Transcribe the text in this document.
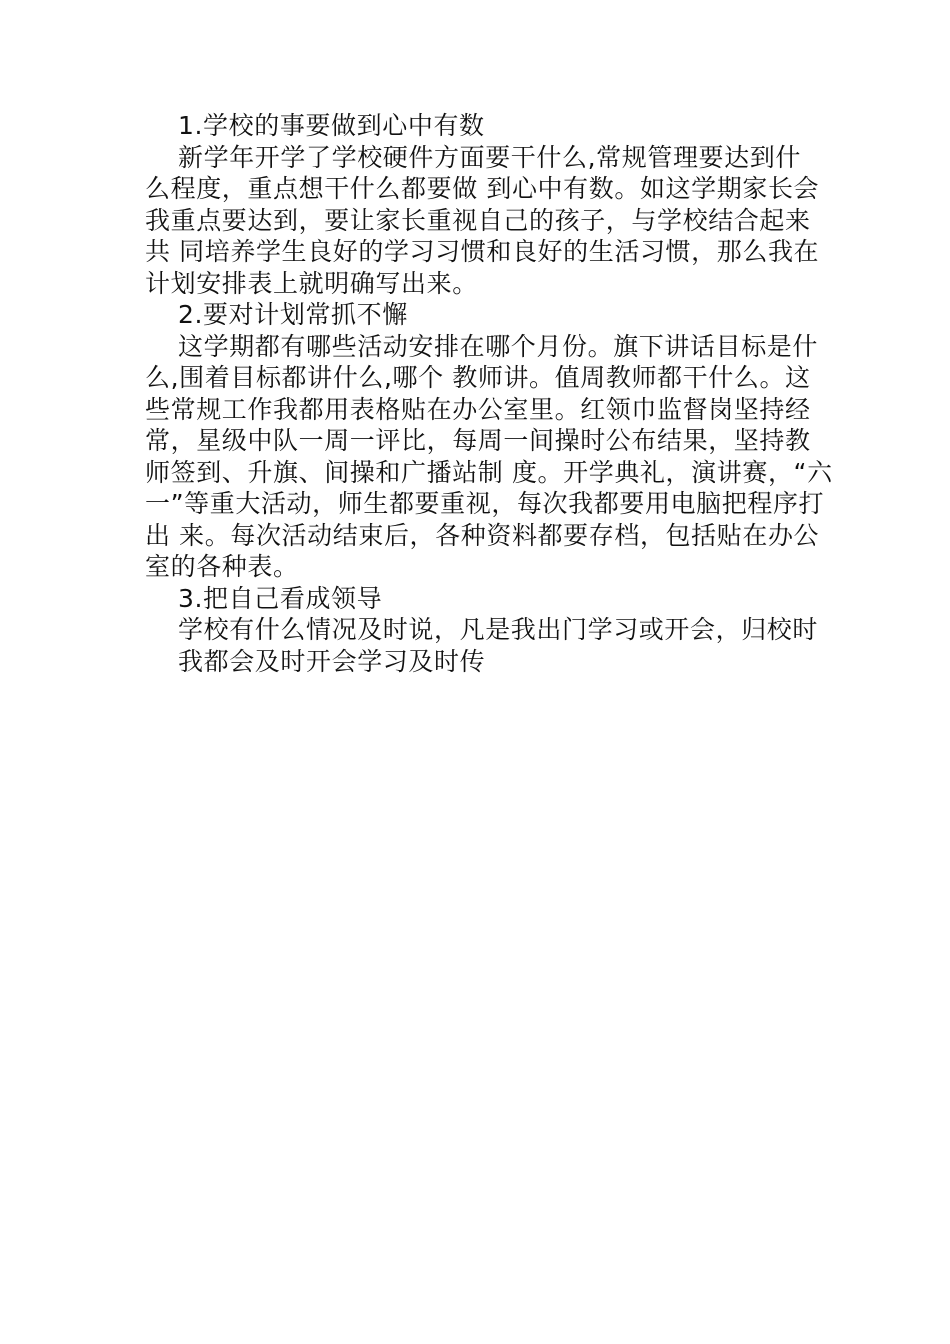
1.学校的事要做到心中有数
新学年开学了学校硬件方面要干什么,常规管理要达到什
么程度，重点想干什么都要做 到心中有数。如这学期家长会
我重点要达到，要让家长重视自己的孩子，与学校结合起来
共 同培养学生良好的学习习惯和良好的生活习惯，那么我在
计划安排表上就明确写出来。
2.要对计划常抓不懈
这学期都有哪些活动安排在哪个月份。旗下讲话目标是什
么,围着目标都讲什么,哪个 教师讲。值周教师都干什么。这
些常规工作我都用表格贴在办公室里。红领巾监督岗坚持经
常，星级中队一周一评比，每周一间操时公布结果，坚持教
师签到、升旗、间操和广播站制 度。开学典礼，演讲赛，“六
一”等重大活动，师生都要重视，每次我都要用电脑把程序打
出 来。每次活动结束后，各种资料都要存档，包括贴在办公
室的各种表。
3.把自己看成领导
学校有什么情况及时说，凡是我出门学习或开会，归校时
我都会及时开会学习及时传
